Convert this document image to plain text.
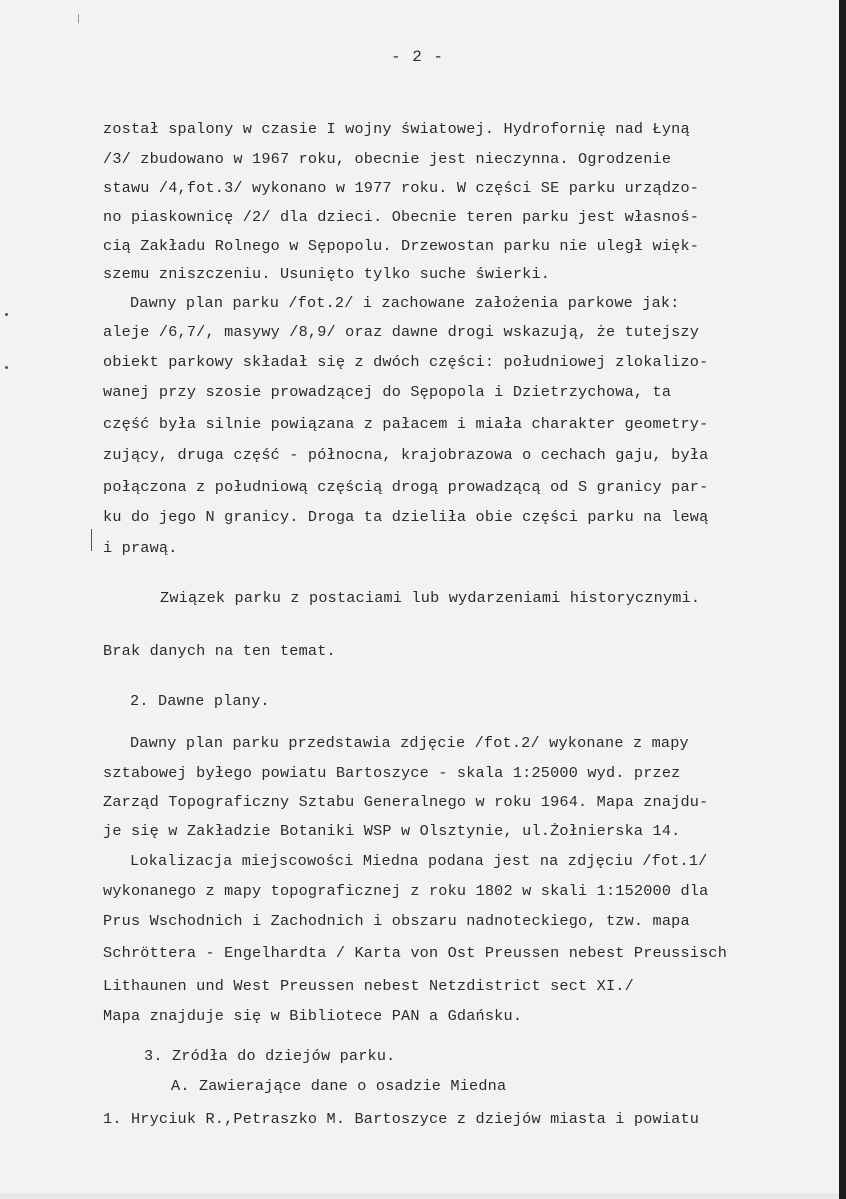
- 2 -
został spalony w czasie I wojny światowej. Hydrofornię nad Łyną
/3/ zbudowano w 1967 roku, obecnie jest nieczynna. Ogrodzenie
stawu /4,fot.3/ wykonano w 1977 roku. W części SE parku urządzo-
no piaskownicę /2/ dla dzieci. Obecnie teren parku jest własnoś-
cią Zakładu Rolnego w Sępopolu. Drzewostan parku nie uległ więk-
szemu zniszczeniu. Usunięto tylko suche świerki.
Dawny plan parku /fot.2/ i zachowane założenia parkowe jak:
aleje /6,7/, masywy /8,9/ oraz dawne drogi wskazują, że tutejszy
obiekt parkowy składał się z dwóch części: południowej zlokalizo-
wanej przy szosie prowadzącej do Sępopola i Dzietrzychowa, ta
część była silnie powiązana z pałacem i miała charakter geometry-
zujący, druga część - północna, krajobrazowa o cechach gaju, była
połączona z południową częścią drogą prowadzącą od S granicy par-
ku do jego N granicy. Droga ta dzieliła obie części parku na lewą
i prawą.
Związek parku z postaciami lub wydarzeniami historycznymi.
Brak danych na ten temat.
2. Dawne plany.
Dawny plan parku przedstawia zdjęcie /fot.2/ wykonane z mapy
sztabowej byłego powiatu Bartoszyce - skala 1:25000 wyd. przez
Zarząd Topograficzny Sztabu Generalnego w roku 1964. Mapa znajdu-
je się w Zakładzie Botaniki WSP w Olsztynie, ul.Żołnierska 14.
Lokalizacja miejscowości Miedna podana jest na zdjęciu /fot.1/
wykonanego z mapy topograficznej z roku 1802 w skali 1:152000 dla
Prus Wschodnich i Zachodnich i obszaru nadnoteckiego, tzw. mapa
Schröttera - Engelhardta / Karta von Ost Preussen nebest Preussisch
Lithaunen und West Preussen nebest Netzdistrict sect XI./
Mapa znajduje się w Bibliotece PAN a Gdańsku.
3. Zródła do dziejów parku.
A. Zawierające dane o osadzie Miedna
1. Hryciuk R.,Petraszko M. Bartoszyce z dziejów miasta i powiatu
